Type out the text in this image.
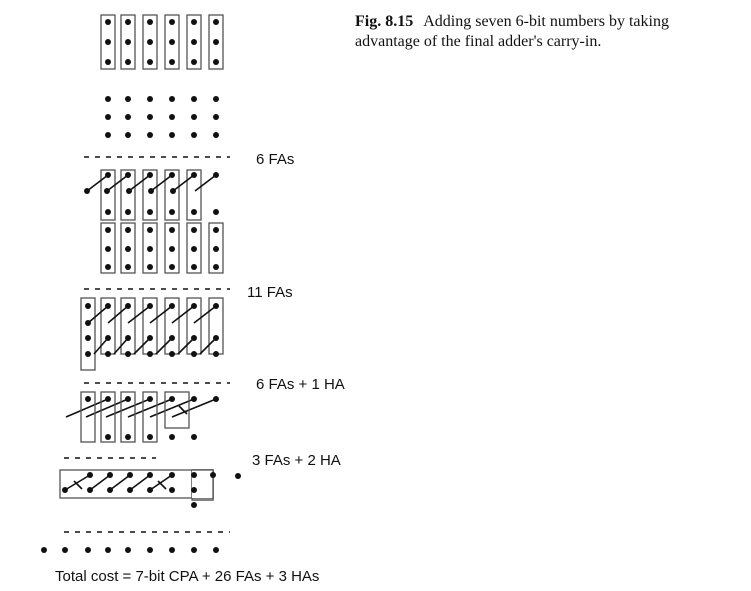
Fig. 8.15 Adding seven 6-bit numbers by taking
advantage of the final adder's carry-in.
6 FAs
11 FAs
6 FAs + 1 HA
3 FAs + 2 HA
Total cost = 7-bit CPA + 26 FAs + 3 HAs
